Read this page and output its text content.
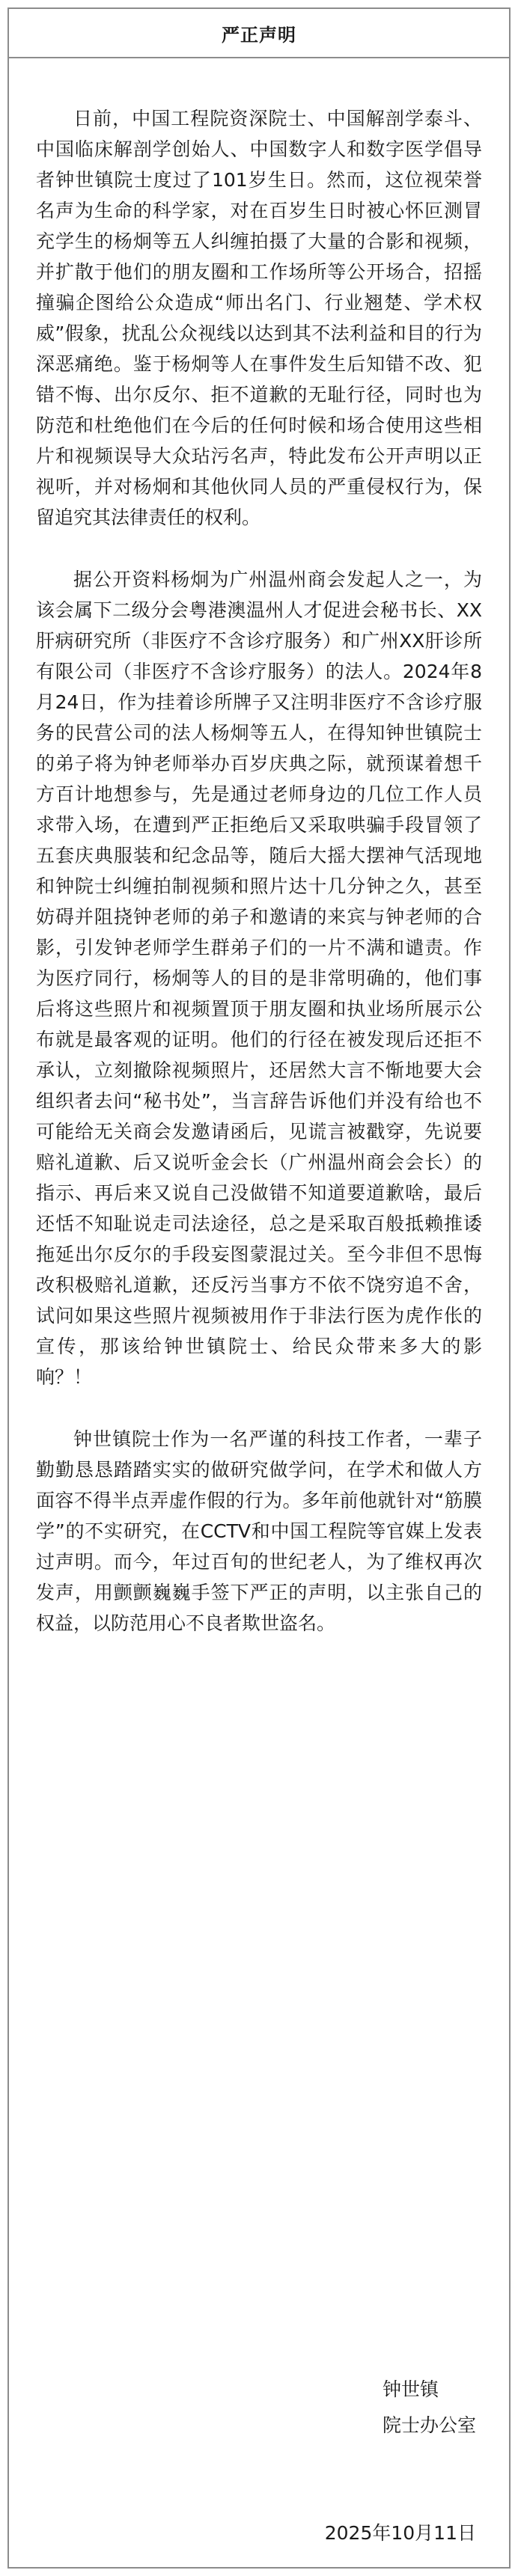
严正声明

日前，中国工程院资深院士、中国解剖学泰斗、中国临床解剖学创始人、中国数字人和数字医学倡导者钟世镇院士度过了101岁生日。然而，这位视荣誉名声为生命的科学家，对在百岁生日时被心怀叵测冒充学生的杨炯等五人纠缠拍摄了大量的合影和视频，并扩散于他们的朋友圈和工作场所等公开场合，招摇撞骗企图给公众造成“师出名门、行业翘楚、学术权威”假象，扰乱公众视线以达到其不法利益和目的行为深恶痛绝。鉴于杨炯等人在事件发生后知错不改、犯错不悔、出尔反尔、拒不道歉的无耻行径，同时也为防范和杜绝他们在今后的任何时候和场合使用这些相片和视频误导大众玷污名声，特此发布公开声明以正视听，并对杨炯和其他伙同人员的严重侵权行为，保留追究其法律责任的权利。

据公开资料杨炯为广州温州商会发起人之一，为该会属下二级分会粤港澳温州人才促进会秘书长、XX肝病研究所（非医疗不含诊疗服务）和广州XX肝诊所有限公司（非医疗不含诊疗服务）的法人。2024年8月24日，作为挂着诊所牌子又注明非医疗不含诊疗服务的民营公司的法人杨炯等五人，在得知钟世镇院士的弟子将为钟老师举办百岁庆典之际，就预谋着想千方百计地想参与，先是通过老师身边的几位工作人员求带入场，在遭到严正拒绝后又采取哄骗手段冒领了五套庆典服装和纪念品等，随后大摇大摆神气活现地和钟院士纠缠拍制视频和照片达十几分钟之久，甚至妨碍并阻挠钟老师的弟子和邀请的来宾与钟老师的合影，引发钟老师学生群弟子们的一片不满和谴责。作为医疗同行，杨炯等人的目的是非常明确的，他们事后将这些照片和视频置顶于朋友圈和执业场所展示公布就是最客观的证明。他们的行径在被发现后还拒不承认，立刻撤除视频照片，还居然大言不惭地要大会组织者去问“秘书处”，当言辞告诉他们并没有给也不可能给无关商会发邀请函后，见谎言被戳穿，先说要赔礼道歉、后又说听金会长（广州温州商会会长）的指示、再后来又说自己没做错不知道要道歉啥，最后还恬不知耻说走司法途径，总之是采取百般抵赖推诿拖延出尔反尔的手段妄图蒙混过关。至今非但不思悔改积极赔礼道歉，还反污当事方不依不饶穷追不舍，试问如果这些照片视频被用作于非法行医为虎作伥的宣传，那该给钟世镇院士、给民众带来多大的影响？！

钟世镇院士作为一名严谨的科技工作者，一辈子勤勤恳恳踏踏实实的做研究做学问，在学术和做人方面容不得半点弄虚作假的行为。多年前他就针对“筋膜学”的不实研究，在CCTV和中国工程院等官媒上发表过声明。而今，年过百旬的世纪老人，为了维权再次发声，用颤颤巍巍手签下严正的声明，以主张自己的权益，以防范用心不良者欺世盗名。

钟世镇
院士办公室
2025年10月11日
